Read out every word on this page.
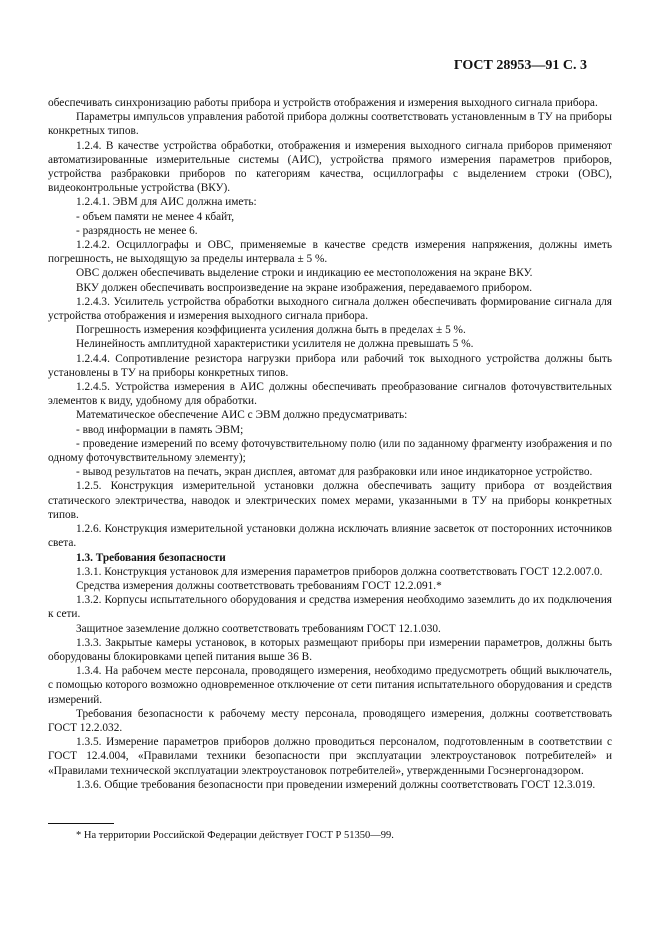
ГОСТ 28953—91 С. 3

обеспечивать синхронизацию работы прибора и устройств отображения и измерения выходного сигнала прибора.

Параметры импульсов управления работой прибора должны соответствовать установленным в ТУ на приборы конкретных типов.

1.2.4. В качестве устройства обработки, отображения и измерения выходного сигнала приборов применяют автоматизированные измерительные системы (АИС), устройства прямого измерения параметров приборов, устройства разбраковки приборов по категориям качества, осциллографы с выделением строки (ОВС), видеоконтрольные устройства (ВКУ).

1.2.4.1. ЭВМ для АИС должна иметь:

- объем памяти не менее 4 кбайт,

- разрядность не менее 6.

1.2.4.2. Осциллографы и ОВС, применяемые в качестве средств измерения напряжения, должны иметь погрешность, не выходящую за пределы интервала ± 5 %.

ОВС должен обеспечивать выделение строки и индикацию ее местоположения на экране ВКУ.

ВКУ должен обеспечивать воспроизведение на экране изображения, передаваемого прибором.

1.2.4.3. Усилитель устройства обработки выходного сигнала должен обеспечивать формирование сигнала для устройства отображения и измерения выходного сигнала прибора.

Погрешность измерения коэффициента усиления должна быть в пределах ± 5 %.

Нелинейность амплитудной характеристики усилителя не должна превышать 5 %.

1.2.4.4. Сопротивление резистора нагрузки прибора или рабочий ток выходного устройства должны быть установлены в ТУ на приборы конкретных типов.

1.2.4.5. Устройства измерения в АИС должны обеспечивать преобразование сигналов фоточувствительных элементов к виду, удобному для обработки.

Математическое обеспечение АИС с ЭВМ должно предусматривать:

- ввод информации в память ЭВМ;

- проведение измерений по всему фоточувствительному полю (или по заданному фрагменту изображения и по одному фоточувствительному элементу);

- вывод результатов на печать, экран дисплея, автомат для разбраковки или иное индикаторное устройство.

1.2.5. Конструкция измерительной установки должна обеспечивать защиту прибора от воздействия статического электричества, наводок и электрических помех мерами, указанными в ТУ на приборы конкретных типов.

1.2.6. Конструкция измерительной установки должна исключать влияние засветок от посторонних источников света.

1.3. Требования безопасности

1.3.1. Конструкция установок для измерения параметров приборов должна соответствовать ГОСТ 12.2.007.0.

Средства измерения должны соответствовать требованиям ГОСТ 12.2.091.*

1.3.2. Корпусы испытательного оборудования и средства измерения необходимо заземлить до их подключения к сети.

Защитное заземление должно соответствовать требованиям ГОСТ 12.1.030.

1.3.3. Закрытые камеры установок, в которых размещают приборы при измерении параметров, должны быть оборудованы блокировками цепей питания выше 36 В.

1.3.4. На рабочем месте персонала, проводящего измерения, необходимо предусмотреть общий выключатель, с помощью которого возможно одновременное отключение от сети питания испытательного оборудования и средств измерений.

Требования безопасности к рабочему месту персонала, проводящего измерения, должны соответствовать ГОСТ 12.2.032.

1.3.5. Измерение параметров приборов должно проводиться персоналом, подготовленным в соответствии с ГОСТ 12.4.004, «Правилами техники безопасности при эксплуатации электроустановок потребителей» и «Правилами технической эксплуатации электроустановок потребителей», утвержденными Госэнергонадзором.

1.3.6. Общие требования безопасности при проведении измерений должны соответствовать ГОСТ 12.3.019.

* На территории Российской Федерации действует ГОСТ Р 51350—99.
